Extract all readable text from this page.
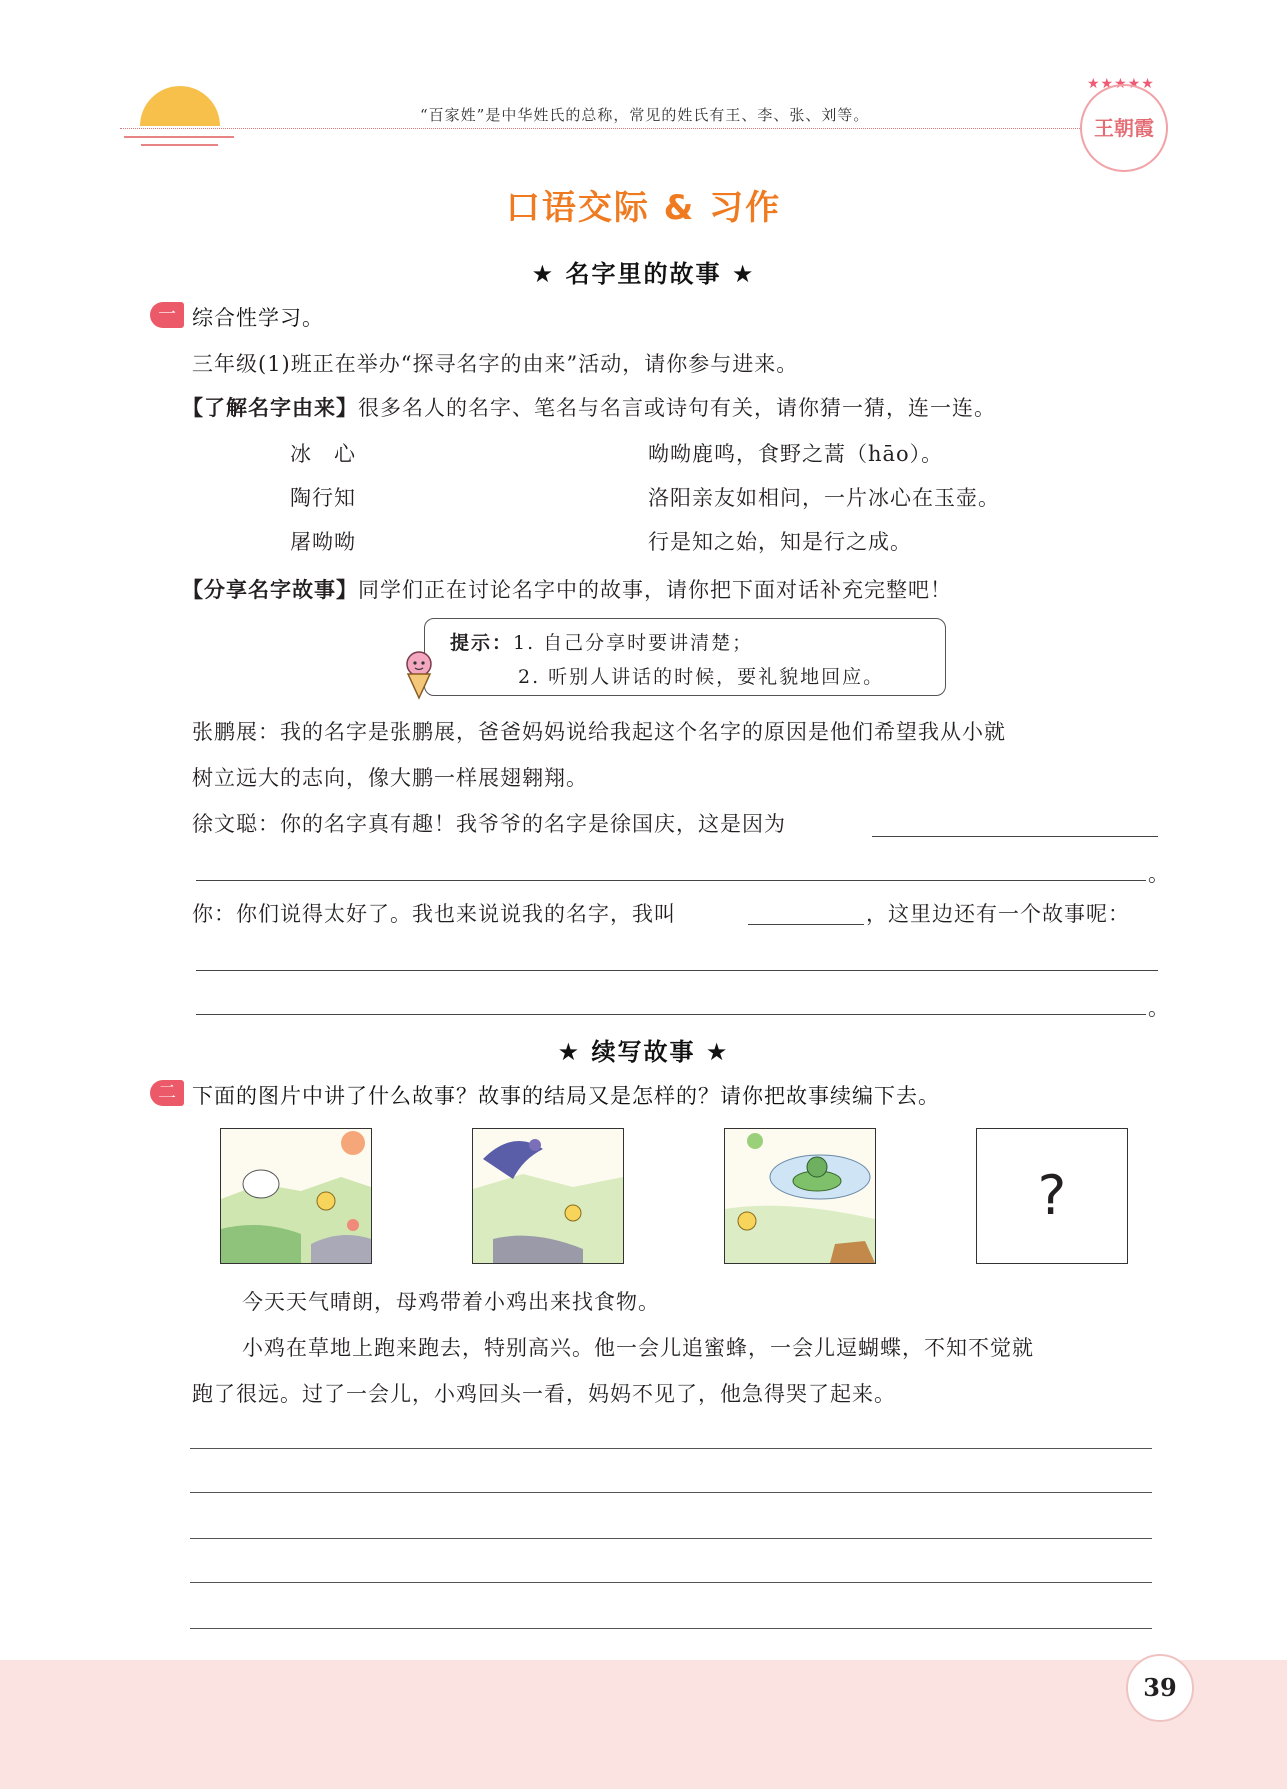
“百家姓”是中华姓氏的总称，常见的姓氏有王、李、张、刘等。
★★★★★
王朝霞
口语交际 & 习作
★ 名字里的故事 ★
一 综合性学习。
三年级(1)班正在举办“探寻名字的由来”活动，请你参与进来。
【了解名字由来】很多名人的名字、笔名与名言或诗句有关，请你猜一猜，连一连。
冰　心
陶行知
屠呦呦
呦呦鹿鸣，食野之蒿（hāo）。
洛阳亲友如相问，一片冰心在玉壶。
行是知之始，知是行之成。
【分享名字故事】同学们正在讨论名字中的故事，请你把下面对话补充完整吧！
提示：1. 自己分享时要讲清楚；
2. 听别人讲话的时候，要礼貌地回应。
张鹏展：我的名字是张鹏展，爸爸妈妈说给我起这个名字的原因是他们希望我从小就
树立远大的志向，像大鹏一样展翅翱翔。
徐文聪：你的名字真有趣！我爷爷的名字是徐国庆，这是因为
。
你：你们说得太好了。我也来说说我的名字，我叫	，这里边还有一个故事呢：
。
★ 续写故事 ★
二 下面的图片中讲了什么故事？故事的结局又是怎样的？请你把故事续编下去。
?
今天天气晴朗，母鸡带着小鸡出来找食物。
小鸡在草地上跑来跑去，特别高兴。他一会儿追蜜蜂，一会儿逗蝴蝶，不知不觉就
跑了很远。过了一会儿，小鸡回头一看，妈妈不见了，他急得哭了起来。
39
